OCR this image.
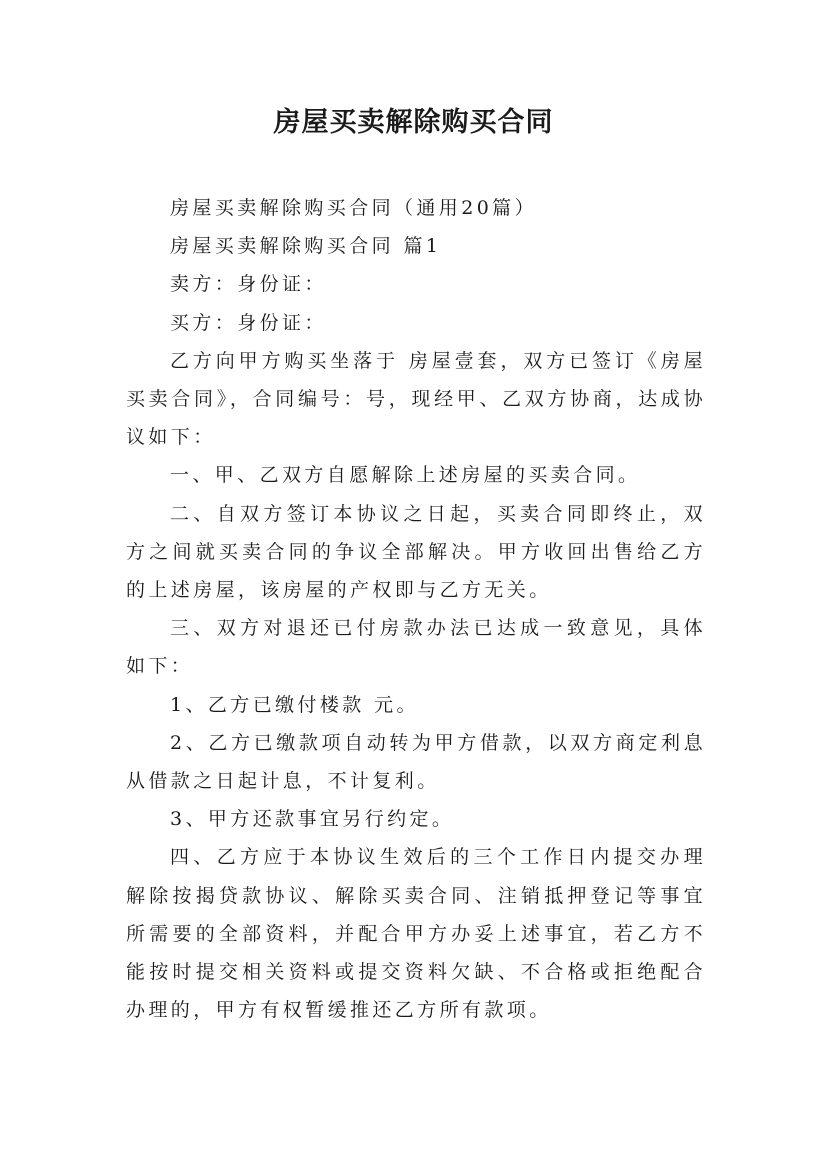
房屋买卖解除购买合同

房屋买卖解除购买合同（通用20篇）

房屋买卖解除购买合同 篇1

卖方：身份证：

买方：身份证：

乙方向甲方购买坐落于 房屋壹套，双方已签订《房屋买卖合同》，合同编号：号，现经甲、乙双方协商，达成协议如下：

一、甲、乙双方自愿解除上述房屋的买卖合同。

二、自双方签订本协议之日起，买卖合同即终止，双方之间就买卖合同的争议全部解决。甲方收回出售给乙方的上述房屋，该房屋的产权即与乙方无关。

三、双方对退还已付房款办法已达成一致意见，具体如下：

1、乙方已缴付楼款 元。

2、乙方已缴款项自动转为甲方借款，以双方商定利息从借款之日起计息，不计复利。

3、甲方还款事宜另行约定。

四、乙方应于本协议生效后的三个工作日内提交办理解除按揭贷款协议、解除买卖合同、注销抵押登记等事宜所需要的全部资料，并配合甲方办妥上述事宜，若乙方不能按时提交相关资料或提交资料欠缺、不合格或拒绝配合办理的，甲方有权暂缓推还乙方所有款项。
